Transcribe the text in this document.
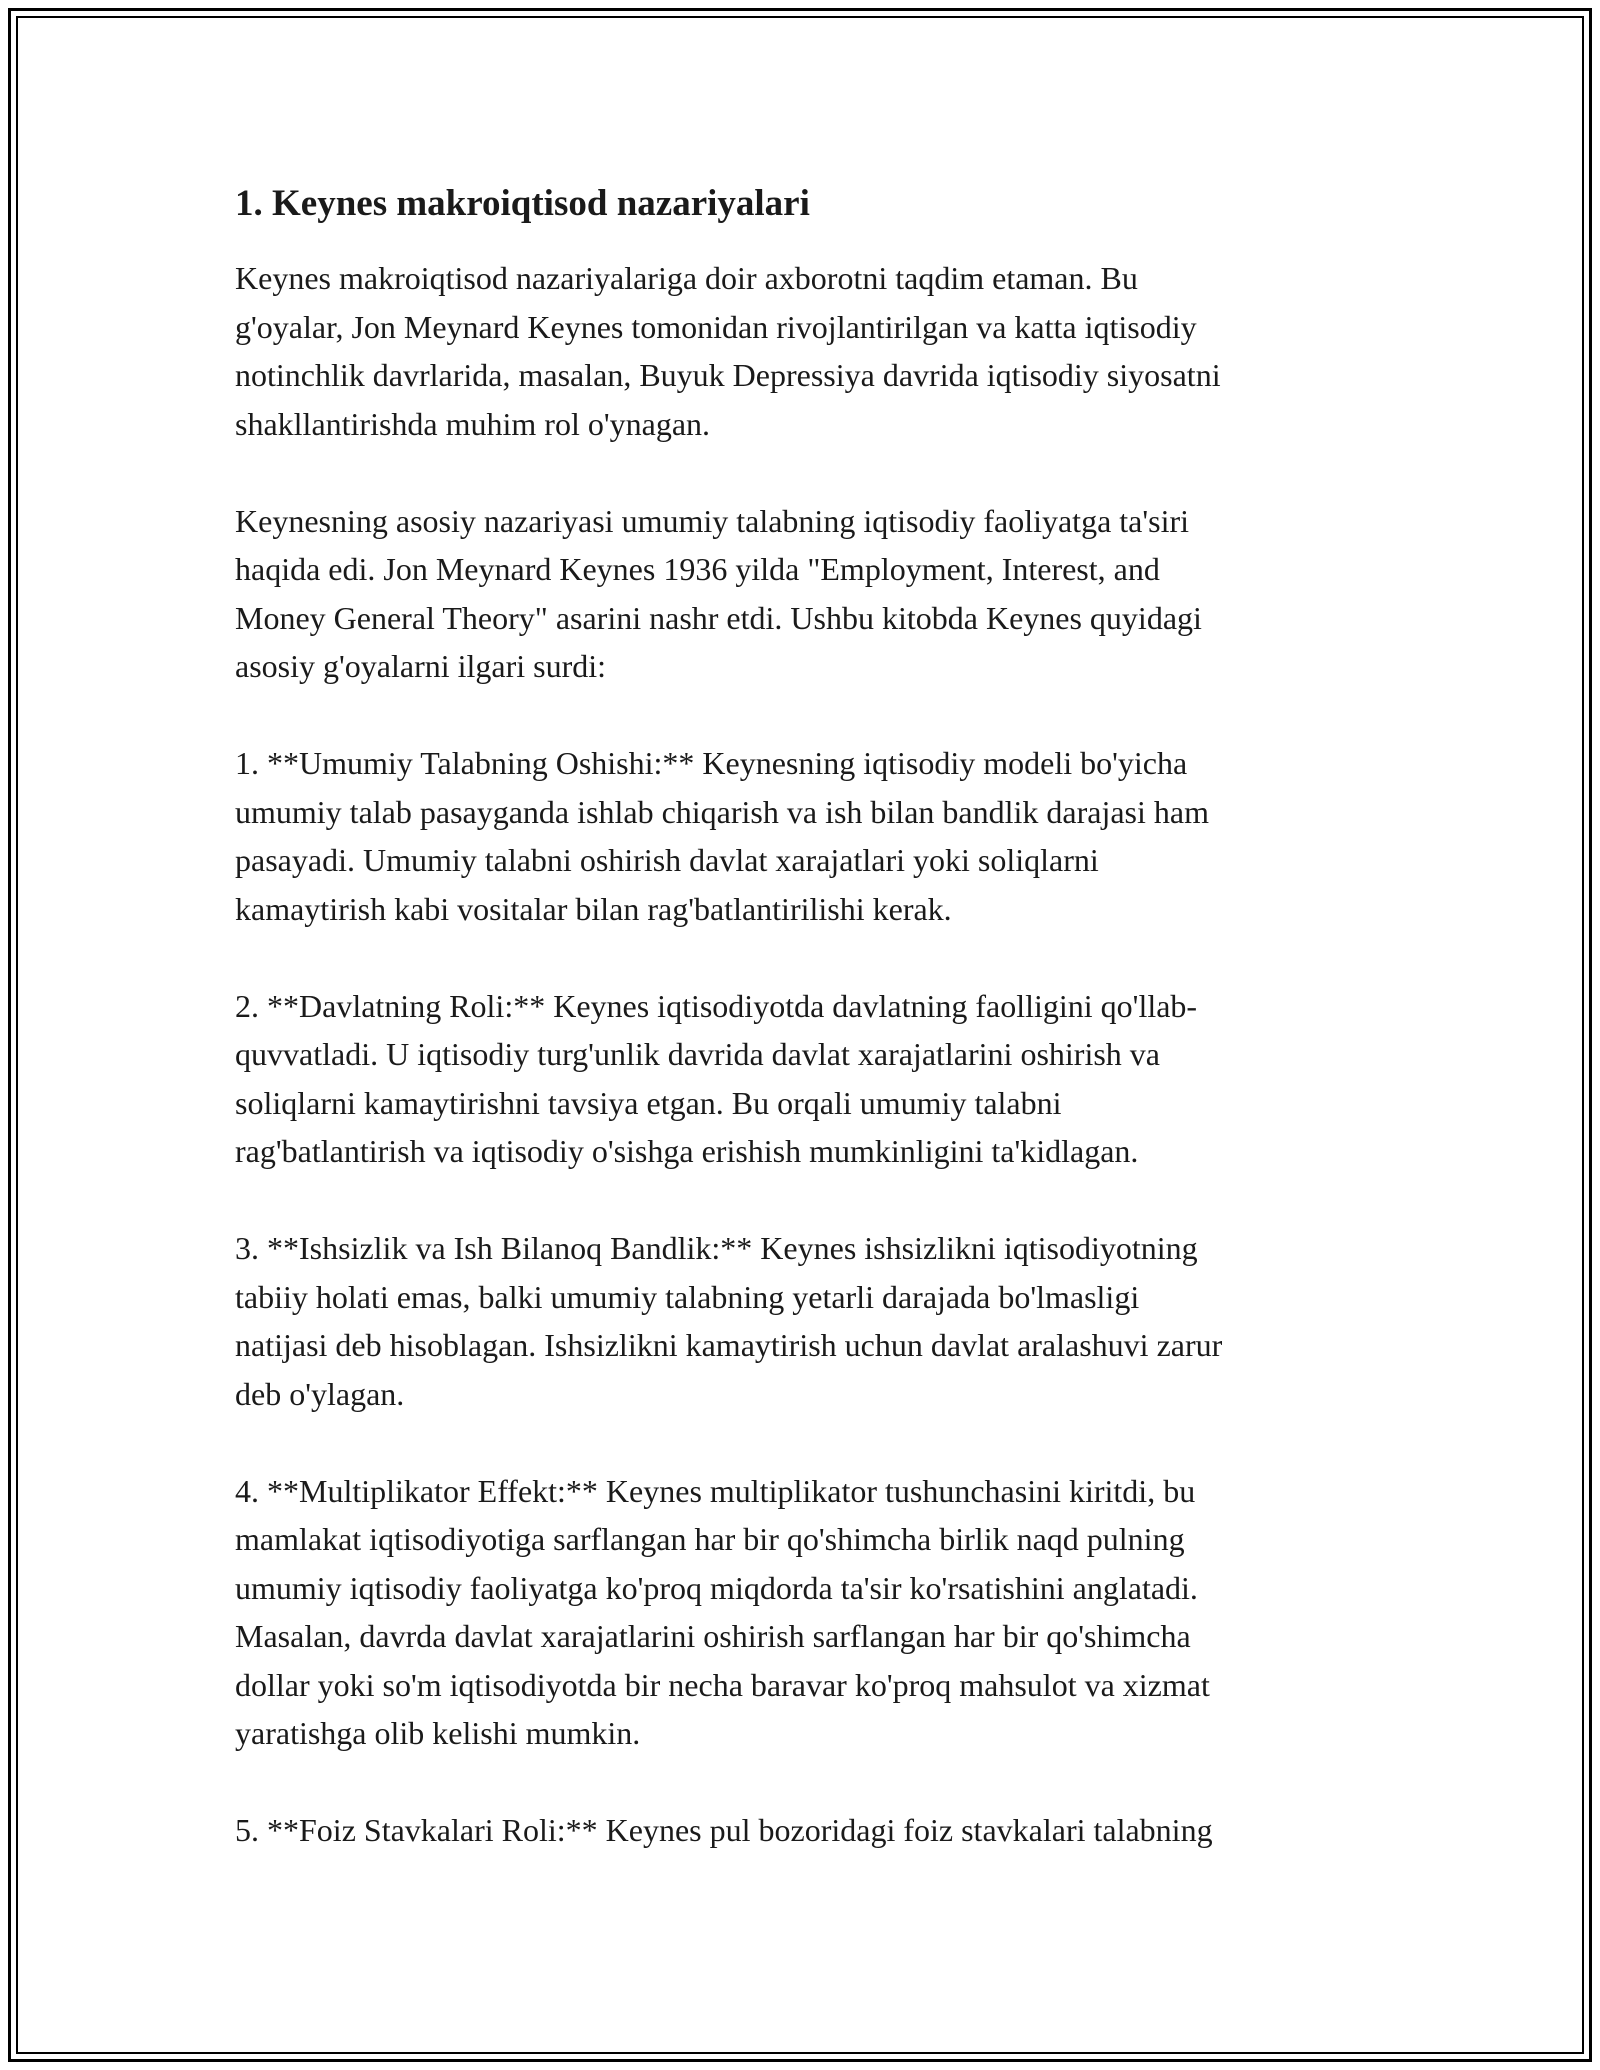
1. Keynes makroiqtisod nazariyalari

Keynes makroiqtisod nazariyalariga doir axborotni taqdim etaman. Bu
g'oyalar, Jon Meynard Keynes tomonidan rivojlantirilgan va katta iqtisodiy
notinchlik davrlarida, masalan, Buyuk Depressiya davrida iqtisodiy siyosatni
shakllantirishda muhim rol o'ynagan.

Keynesning asosiy nazariyasi umumiy talabning iqtisodiy faoliyatga ta'siri
haqida edi. Jon Meynard Keynes 1936 yilda "Employment, Interest, and
Money General Theory" asarini nashr etdi. Ushbu kitobda Keynes quyidagi
asosiy g'oyalarni ilgari surdi:

1. **Umumiy Talabning Oshishi:** Keynesning iqtisodiy modeli bo'yicha
umumiy talab pasayganda ishlab chiqarish va ish bilan bandlik darajasi ham
pasayadi. Umumiy talabni oshirish davlat xarajatlari yoki soliqlarni
kamaytirish kabi vositalar bilan rag'batlantirilishi kerak.

2. **Davlatning Roli:** Keynes iqtisodiyotda davlatning faolligini qo'llab-
quvvatladi. U iqtisodiy turg'unlik davrida davlat xarajatlarini oshirish va
soliqlarni kamaytirishni tavsiya etgan. Bu orqali umumiy talabni
rag'batlantirish va iqtisodiy o'sishga erishish mumkinligini ta'kidlagan.

3. **Ishsizlik va Ish Bilanoq Bandlik:** Keynes ishsizlikni iqtisodiyotning
tabiiy holati emas, balki umumiy talabning yetarli darajada bo'lmasligi
natijasi deb hisoblagan. Ishsizlikni kamaytirish uchun davlat aralashuvi zarur
deb o'ylagan.

4. **Multiplikator Effekt:** Keynes multiplikator tushunchasini kiritdi, bu
mamlakat iqtisodiyotiga sarflangan har bir qo'shimcha birlik naqd pulning
umumiy iqtisodiy faoliyatga ko'proq miqdorda ta'sir ko'rsatishini anglatadi.
Masalan, davrda davlat xarajatlarini oshirish sarflangan har bir qo'shimcha
dollar yoki so'm iqtisodiyotda bir necha baravar ko'proq mahsulot va xizmat
yaratishga olib kelishi mumkin.

5. **Foiz Stavkalari Roli:** Keynes pul bozoridagi foiz stavkalari talabning
